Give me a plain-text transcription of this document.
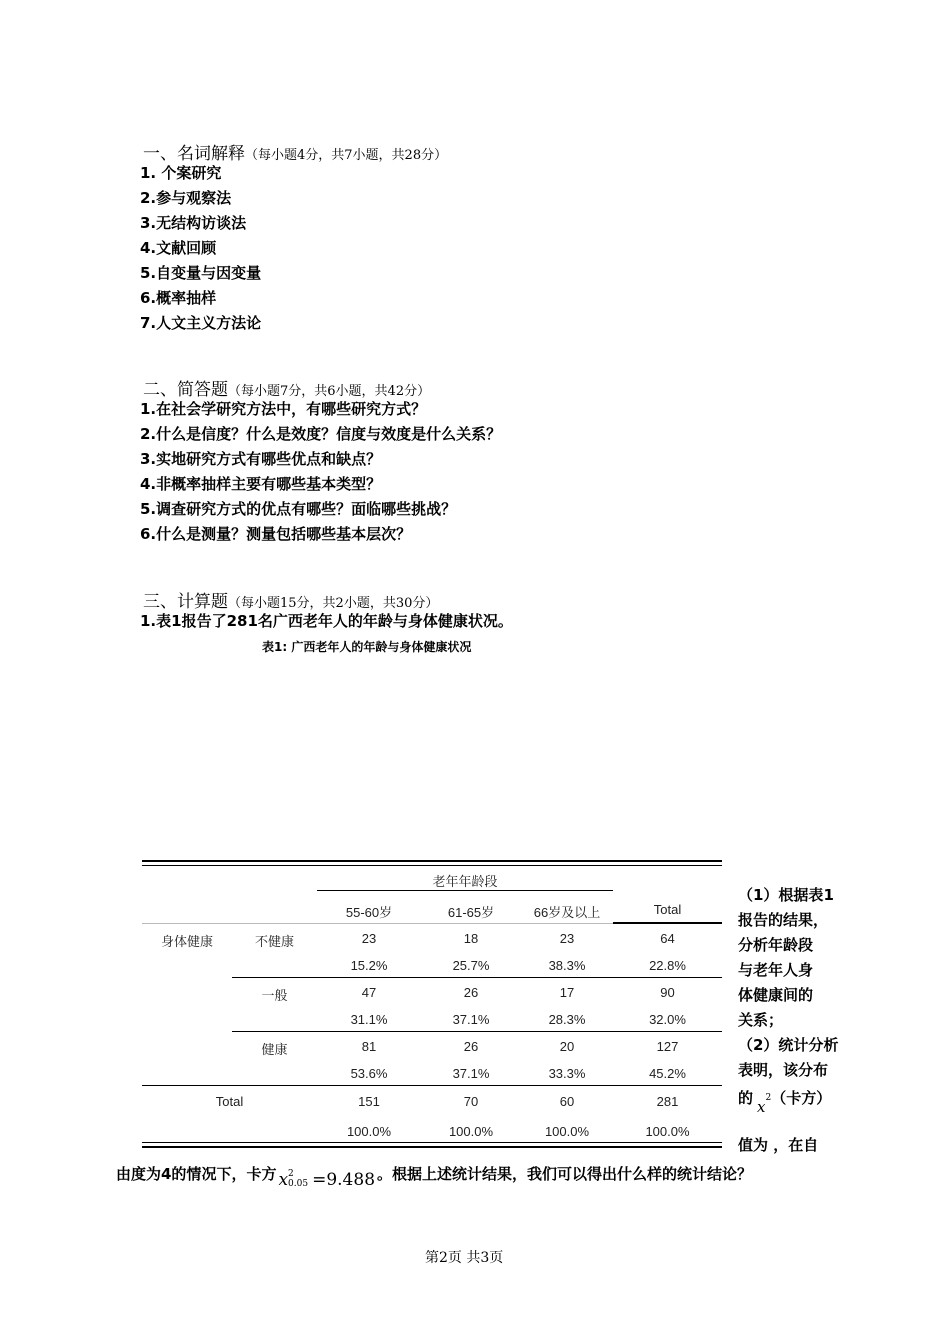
一、名词解释（每小题4分，共7小题，共28分）
1. 个案研究
2.参与观察法
3.无结构访谈法
4.文献回顾
5.自变量与因变量
6.概率抽样
7.人文主义方法论
二、简答题（每小题7分，共6小题，共42分）
1.在社会学研究方法中，有哪些研究方式？
2.什么是信度？什么是效度？信度与效度是什么关系？
3.实地研究方式有哪些优点和缺点？
4.非概率抽样主要有哪些基本类型？
5.调查研究方式的优点有哪些？面临哪些挑战？
6.什么是测量？测量包括哪些基本层次？
三、计算题（每小题15分，共2小题，共30分）
1.表1报告了281名广西老年人的年龄与身体健康状况。
表1: 广西老年人的年龄与身体健康状况
老年年龄段
55-60岁	61-65岁	66岁及以上	Total
身体健康	不健康	23	18	23	64
15.2%	25.7%	38.3%	22.8%
一般	47	26	17	90
31.1%	37.1%	28.3%	32.0%
健康	81	26	20	127
53.6%	37.1%	33.3%	45.2%
Total	151	70	60	281
100.0%	100.0%	100.0%	100.0%
（1）根据表1
报告的结果，
分析年龄段
与老年人身
体健康间的
关系；
（2）统计分析
表明，该分布
的 $x^2$（卡方）
值为 ，在自
由度为4的情况下，卡方 x 2
0.05 =9.488 。根据上述统计结果，我们可以得出什么样的统计结论？
第2页 共3页
